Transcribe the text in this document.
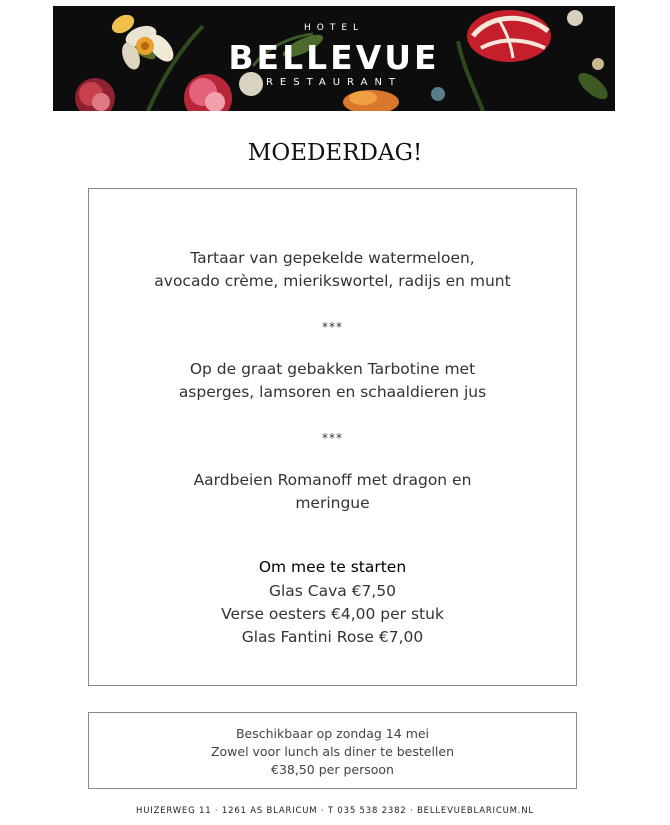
HOTEL
BELLEVUE
RESTAURANT
MOEDERDAG!
Tartaar van gepekelde watermeloen,
avocado crème, mierikswortel, radijs en munt
***
Op de graat gebakken Tarbotine met
asperges, lamsoren en schaaldieren jus
***
Aardbeien Romanoff met dragon en
meringue
Om mee te starten
Glas Cava €7,50
Verse oesters €4,00 per stuk
Glas Fantini Rose €7,00
Beschikbaar op zondag 14 mei
Zowel voor lunch als diner te bestellen
€38,50 per persoon
HUIZERWEG 11 · 1261 AS BLARICUM · T 035 538 2382 · BELLEVUEBLARICUM.NL
